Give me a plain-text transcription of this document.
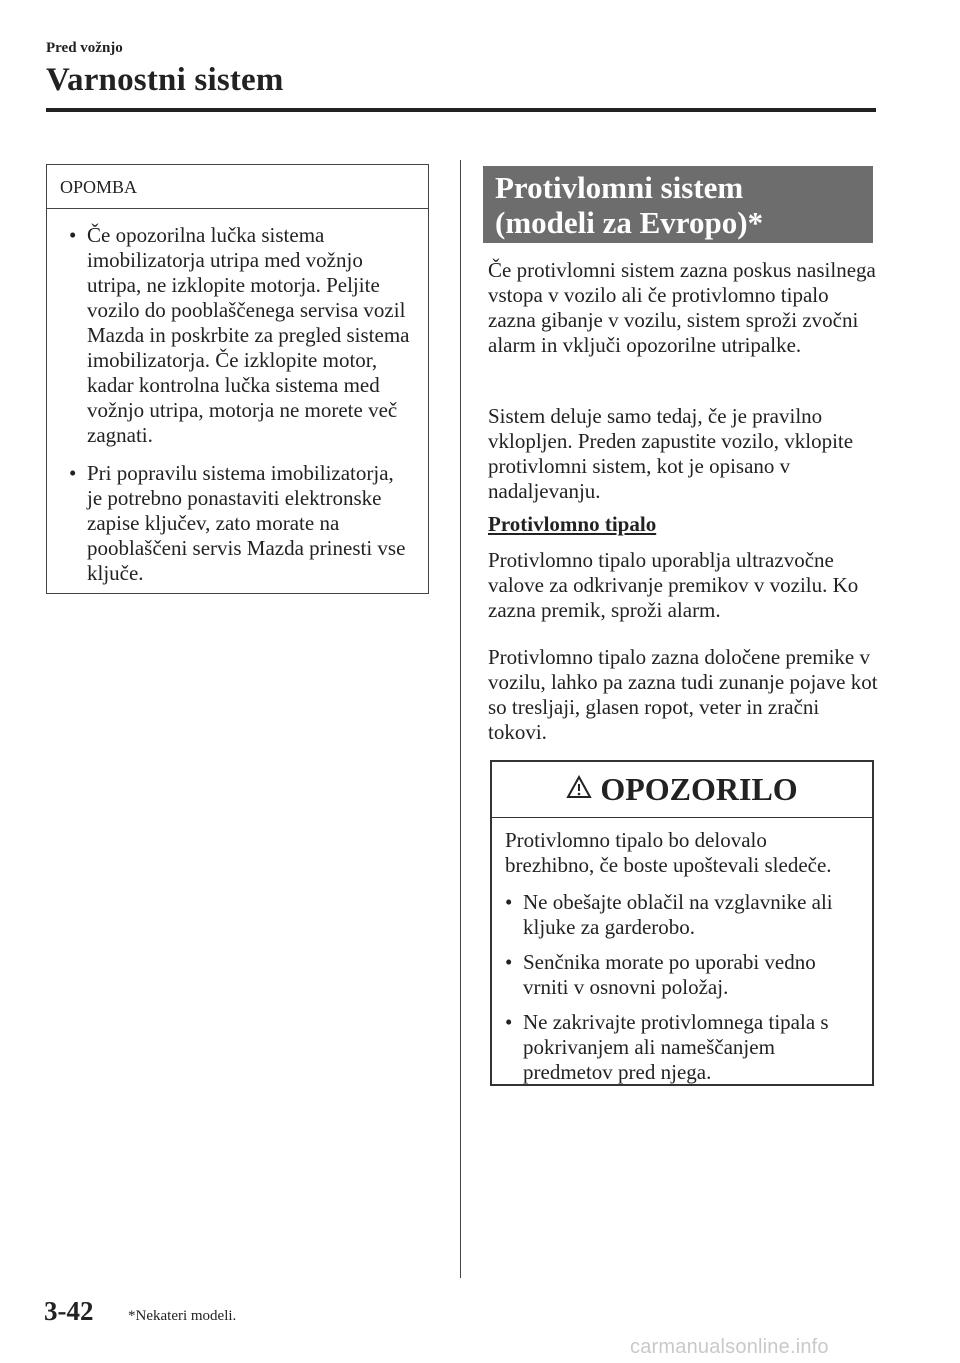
Pred vožnjo
Varnostni sistem
OPOMBA
• Če opozorilna lučka sistema imobilizatorja utripa med vožnjo utripa, ne izklopite motorja. Peljite vozilo do pooblaščenega servisa vozil Mazda in poskrbite za pregled sistema imobilizatorja. Če izklopite motor, kadar kontrolna lučka sistema med vožnjo utripa, motorja ne morete več zagnati.
• Pri popravilu sistema imobilizatorja, je potrebno ponastaviti elektronske zapise ključev, zato morate na pooblaščeni servis Mazda prinesti vse ključe.
Protivlomni sistem
(modeli za Evropo)*

Če protivlomni sistem zazna poskus nasilnega vstopa v vozilo ali če protivlomno tipalo zazna gibanje v vozilu, sistem sproži zvočni alarm in vključi opozorilne utripalke.

Sistem deluje samo tedaj, če je pravilno vklopljen. Preden zapustite vozilo, vklopite protivlomni sistem, kot je opisano v nadaljevanju.

Protivlomno tipalo

Protivlomno tipalo uporablja ultrazvočne valove za odkrivanje premikov v vozilu. Ko zazna premik, sproži alarm.

Protivlomno tipalo zazna določene premike v vozilu, lahko pa zazna tudi zunanje pojave kot so tresljaji, glasen ropot, veter in zračni tokovi.

OPOZORILO

Protivlomno tipalo bo delovalo brezhibno, če boste upoštevali sledeče.

• Ne obešajte oblačil na vzglavnike ali kljuke za garderobo.
• Senčnika morate po uporabi vedno vrniti v osnovni položaj.
• Ne zakrivajte protivlomnega tipala s pokrivanjem ali nameščanjem predmetov pred njega.
3-42 *Nekateri modeli.
carmanualsonline.info
